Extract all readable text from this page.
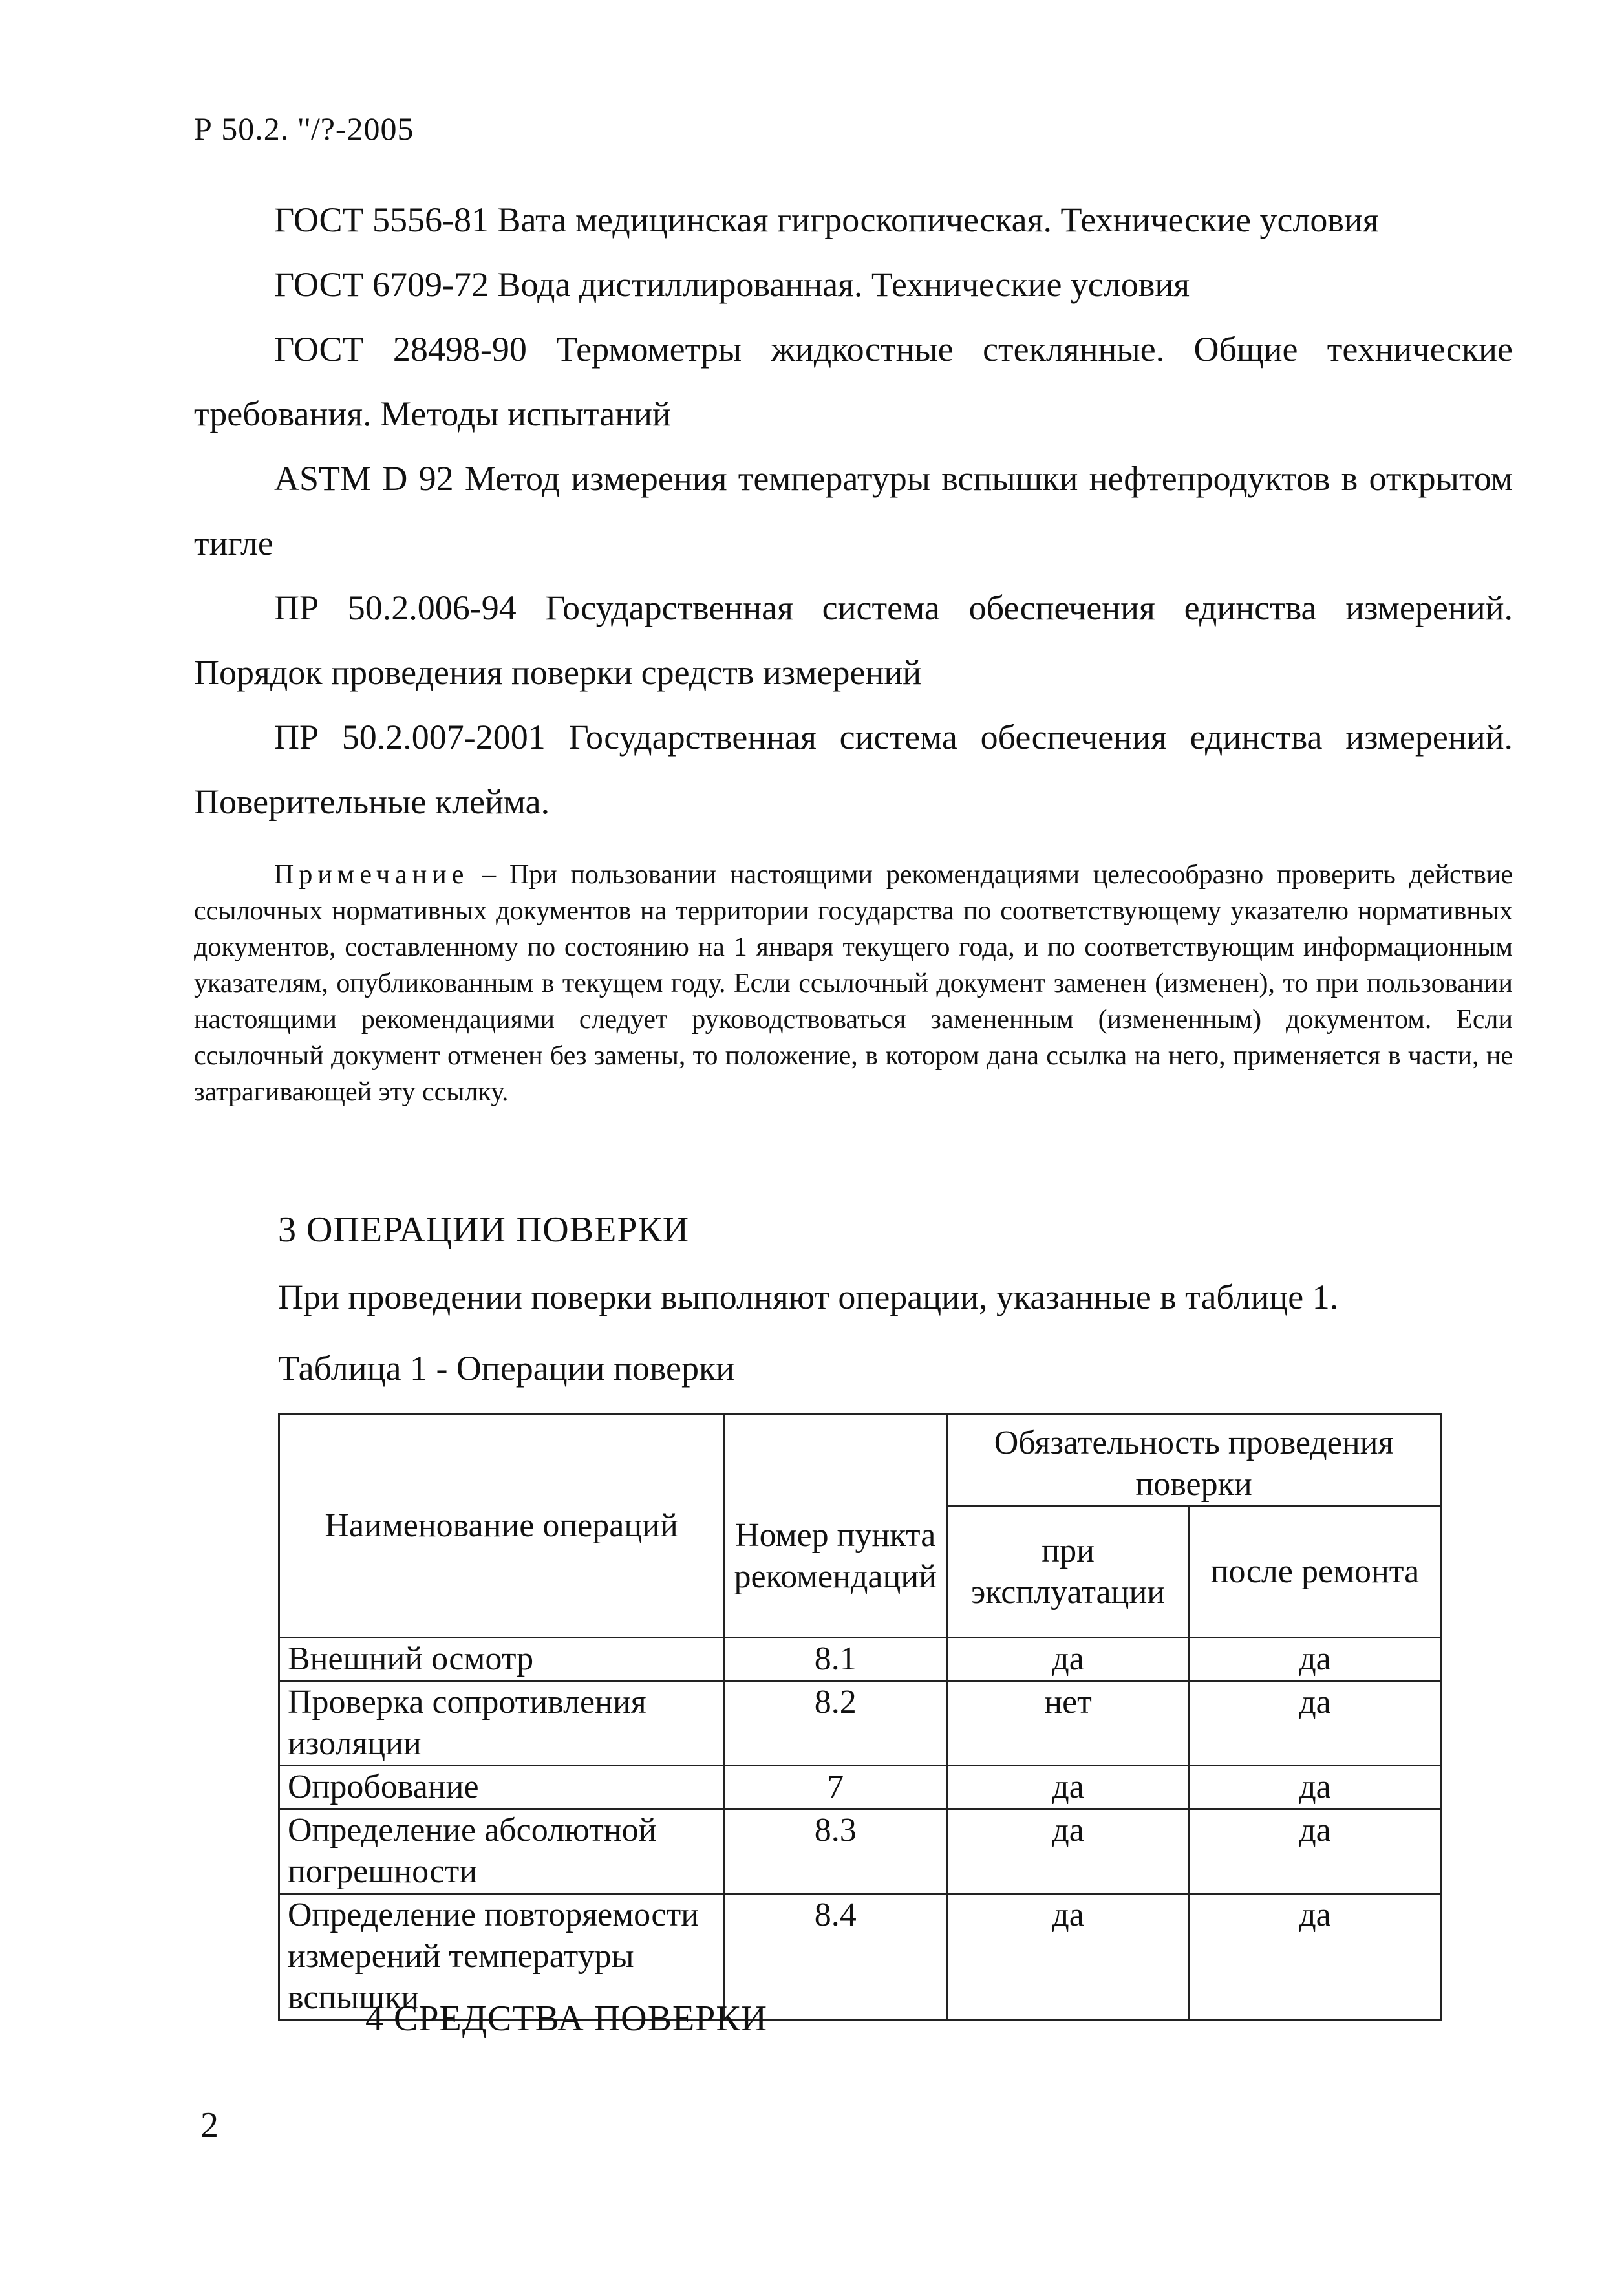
Р 50.2. ''/?-2005
ГОСТ 5556-81 Вата медицинская гигроскопическая. Технические условия
ГОСТ 6709-72 Вода дистиллированная. Технические условия
ГОСТ 28498-90 Термометры жидкостные стеклянные. Общие технические требования. Методы испытаний
ASTM D 92 Метод измерения температуры вспышки нефтепродуктов в открытом тигле
ПР 50.2.006-94 Государственная система обеспечения единства измерений. Порядок проведения поверки средств измерений
ПР 50.2.007-2001 Государственная система обеспечения единства измерений. Поверительные клейма.
Примечание – При пользовании настоящими рекомендациями целесообразно проверить действие ссылочных нормативных документов на территории государства по соответствующему указателю нормативных документов, составленному по состоянию на 1 января текущего года, и по соответствующим информационным указателям, опубликованным в текущем году. Если ссылочный документ заменен (изменен), то при пользовании настоящими рекомендациями следует руководствоваться замененным (измененным) документом. Если ссылочный документ отменен без замены, то положение, в котором дана ссылка на него, применяется в части, не затрагивающей эту ссылку.
3 ОПЕРАЦИИ ПОВЕРКИ
При проведении поверки выполняют операции, указанные в таблице 1.
Таблица 1 - Операции поверки
Наименование операций	Номер пункта рекомендаций	Обязательность проведения поверки	
		при эксплуатации	после ремонта
Внешний осмотр	8.1	да	да
Проверка сопротивления изоляции	8.2	нет	да
Опробование	7	да	да
Определение абсолютной погрешности	8.3	да	да
Определение повторяемости измерений температуры вспышки	8.4	да	да
4 СРЕДСТВА ПОВЕРКИ
2
